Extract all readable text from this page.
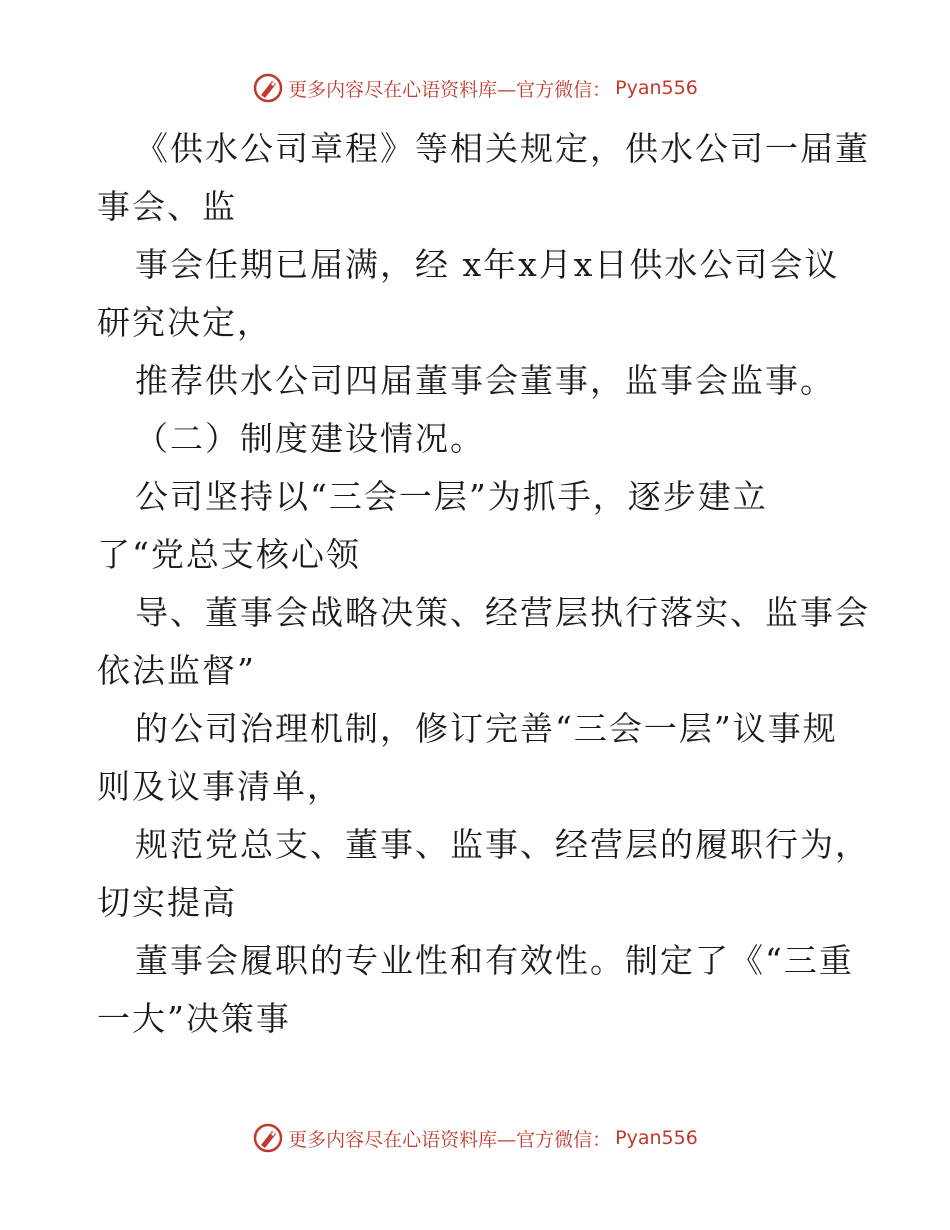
更多内容尽在心语资料库—官方微信： Pyan556
《供水公司章程》等相关规定，供水公司一届董
事会、监
事会任期已届满，经 x年x月x日供水公司会议
研究决定，
推荐供水公司四届董事会董事，监事会监事。
（二）制度建设情况。
公司坚持以“三会一层”为抓手，逐步建立
了“党总支核心领
导、董事会战略决策、经营层执行落实、监事会
依法监督”
的公司治理机制，修订完善“三会一层”议事规
则及议事清单，
规范党总支、董事、监事、经营层的履职行为，
切实提高
董事会履职的专业性和有效性。制定了《“三重
一大”决策事
更多内容尽在心语资料库—官方微信： Pyan556
